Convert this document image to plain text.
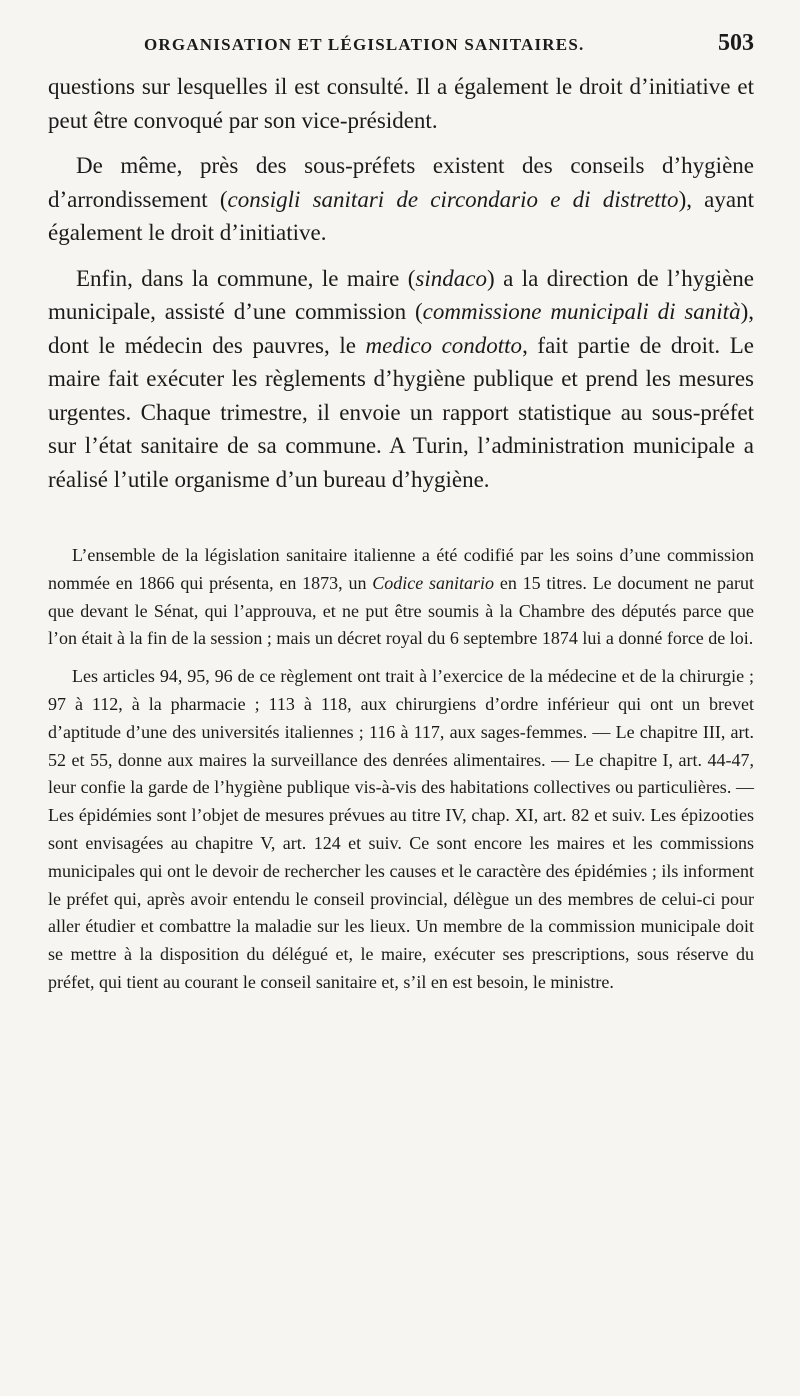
ORGANISATION ET LÉGISLATION SANITAIRES.	503

questions sur lesquelles il est consulté. Il a également le droit d’initiative et peut être convoqué par son vice-président.

De même, près des sous-préfets existent des conseils d’hygiène d’arrondissement (consigli sanitari de circondario e di distretto), ayant également le droit d’initiative.

Enfin, dans la commune, le maire (sindaco) a la direction de l’hygiène municipale, assisté d’une commission (commissione municipali di sanità), dont le médecin des pauvres, le medico condotto, fait partie de droit. Le maire fait exécuter les règlements d’hygiène publique et prend les mesures urgentes. Chaque trimestre, il envoie un rapport statistique au sous-préfet sur l’état sanitaire de sa commune. A Turin, l’administration municipale a réalisé l’utile organisme d’un bureau d’hygiène.

L’ensemble de la législation sanitaire italienne a été codifié par les soins d’une commission nommée en 1866 qui présenta, en 1873, un Codice sanitario en 15 titres. Le document ne parut que devant le Sénat, qui l’approuva, et ne put être soumis à la Chambre des députés parce que l’on était à la fin de la session ; mais un décret royal du 6 septembre 1874 lui a donné force de loi.

Les articles 94, 95, 96 de ce règlement ont trait à l’exercice de la médecine et de la chirurgie ; 97 à 112, à la pharmacie ; 113 à 118, aux chirurgiens d’ordre inférieur qui ont un brevet d’aptitude d’une des universités italiennes ; 116 à 117, aux sages-femmes. — Le chapitre III, art. 52 et 55, donne aux maires la surveillance des denrées alimentaires. — Le chapitre I, art. 44-47, leur confie la garde de l’hygiène publique vis-à-vis des habitations collectives ou particulières. — Les épidémies sont l’objet de mesures prévues au titre IV, chap. XI, art. 82 et suiv. Les épizooties sont envisagées au chapitre V, art. 124 et suiv. Ce sont encore les maires et les commissions municipales qui ont le devoir de rechercher les causes et le caractère des épidémies ; ils informent le préfet qui, après avoir entendu le conseil provincial, délègue un des membres de celui-ci pour aller étudier et combattre la maladie sur les lieux. Un membre de la commission municipale doit se mettre à la disposition du délégué et, le maire, exécuter ses prescriptions, sous réserve du préfet, qui tient au courant le conseil sanitaire et, s’il en est besoin, le ministre.
